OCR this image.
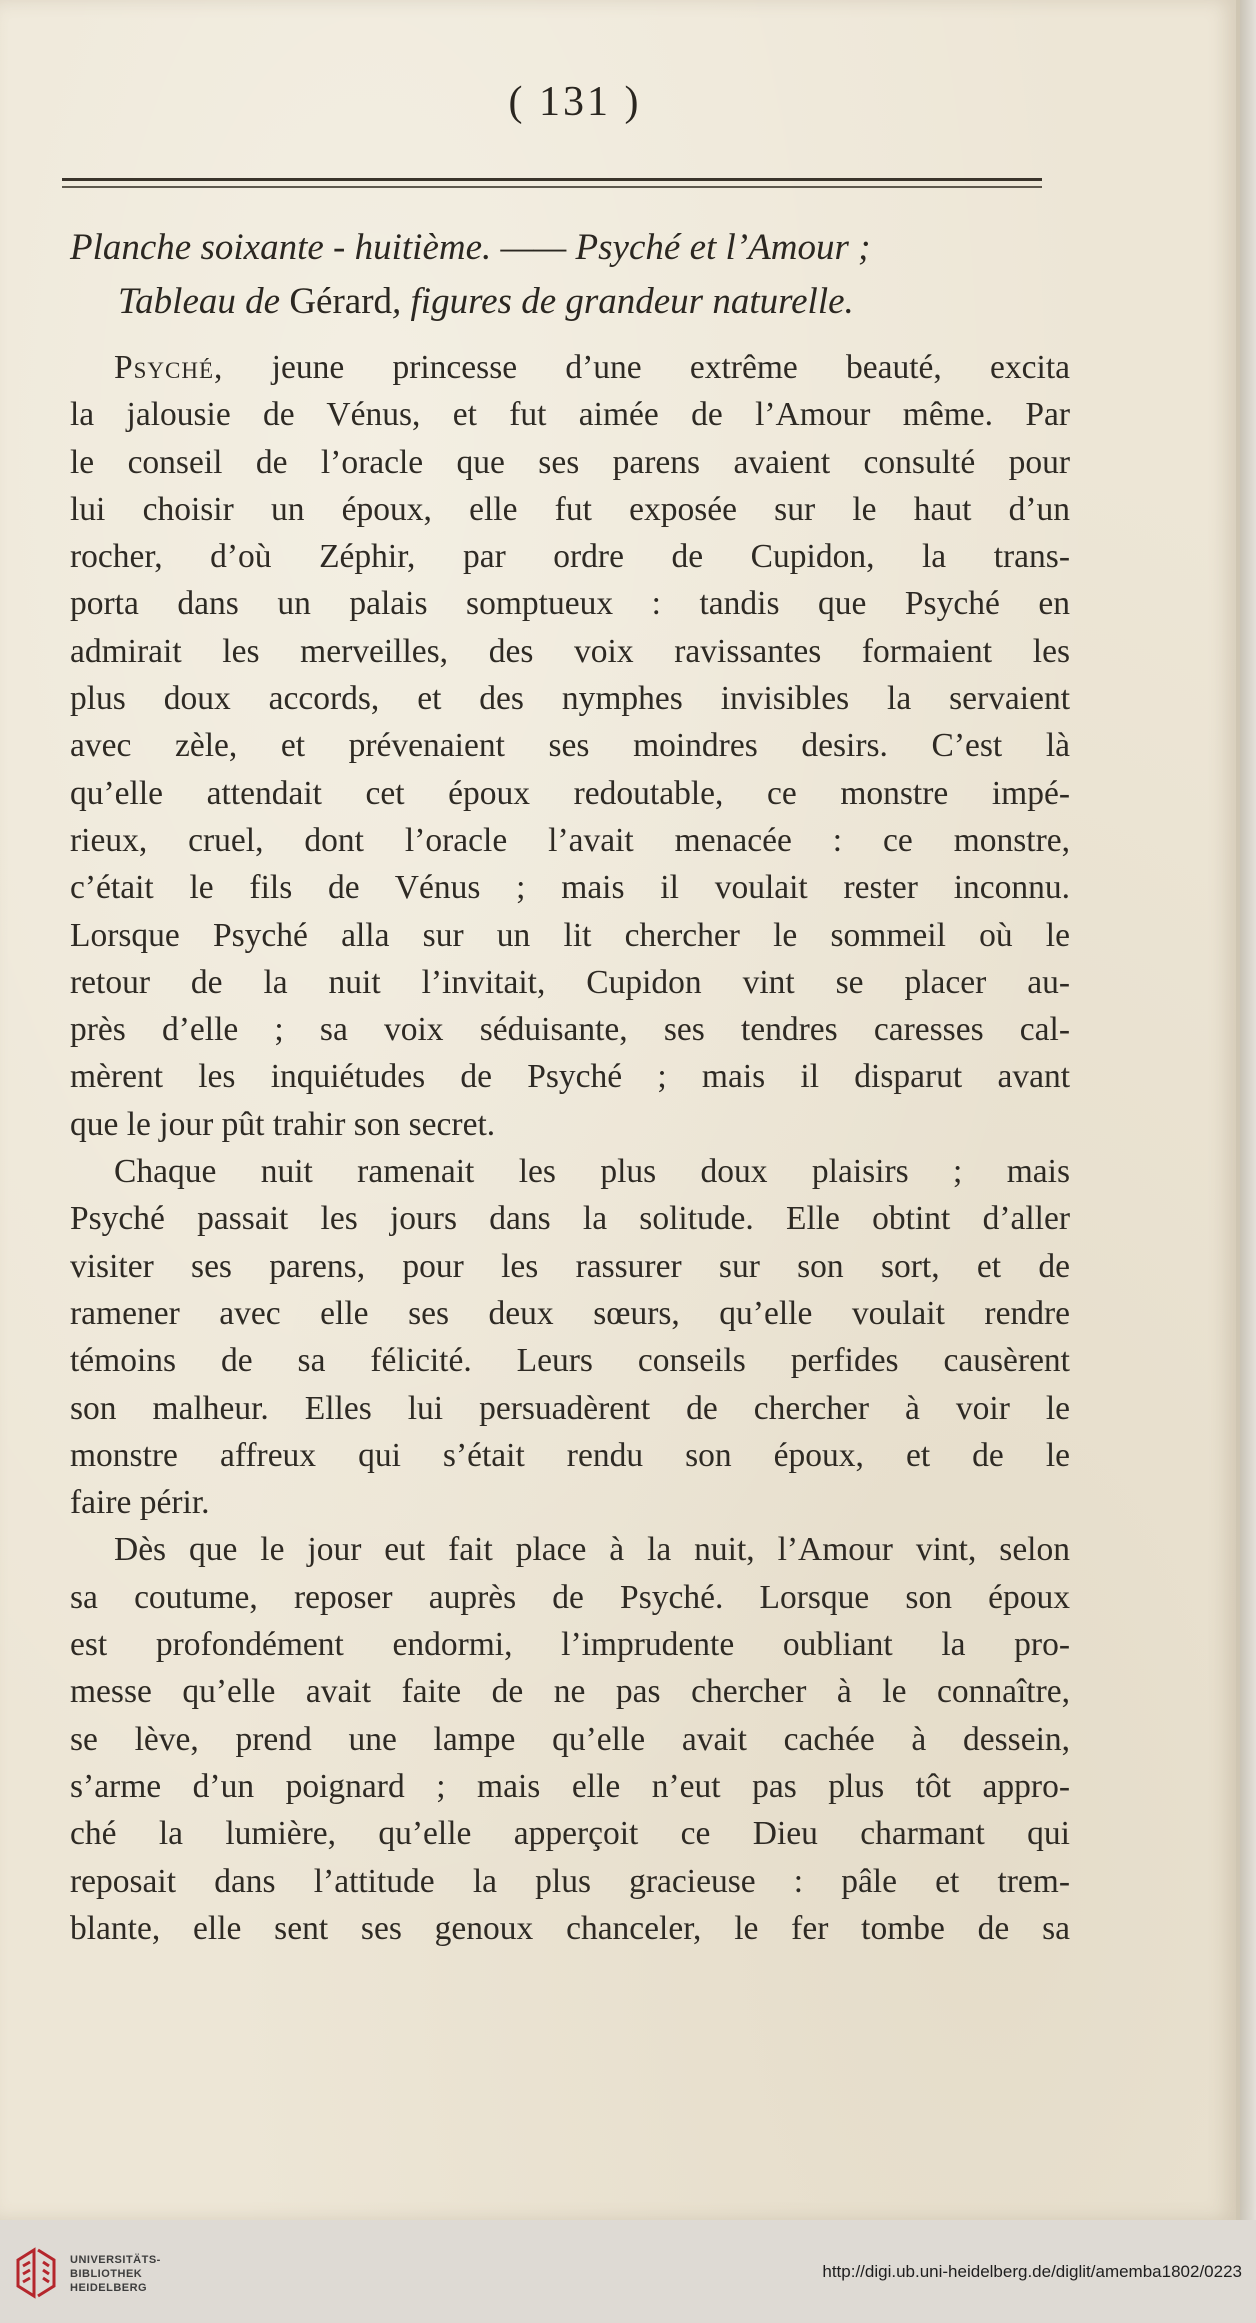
( 131 )
Planche soixante - huitième. —— Psyché et l’Amour ;
Tableau de Gérard, figures de grandeur naturelle.
Psyché, jeune princesse d’une extrême beauté, excita
la jalousie de Vénus, et fut aimée de l’Amour même. Par
le conseil de l’oracle que ses parens avaient consulté pour
lui choisir un époux, elle fut exposée sur le haut d’un
rocher, d’où Zéphir, par ordre de Cupidon, la trans-
porta dans un palais somptueux : tandis que Psyché en
admirait les merveilles, des voix ravissantes formaient les
plus doux accords, et des nymphes invisibles la servaient
avec zèle, et prévenaient ses moindres desirs. C’est là
qu’elle attendait cet époux redoutable, ce monstre impé-
rieux, cruel, dont l’oracle l’avait menacée : ce monstre,
c’était le fils de Vénus ; mais il voulait rester inconnu.
Lorsque Psyché alla sur un lit chercher le sommeil où le
retour de la nuit l’invitait, Cupidon vint se placer au-
près d’elle ; sa voix séduisante, ses tendres caresses cal-
mèrent les inquiétudes de Psyché ; mais il disparut avant
que le jour pût trahir son secret.
Chaque nuit ramenait les plus doux plaisirs ; mais
Psyché passait les jours dans la solitude. Elle obtint d’aller
visiter ses parens, pour les rassurer sur son sort, et de
ramener avec elle ses deux sœurs, qu’elle voulait rendre
témoins de sa félicité. Leurs conseils perfides causèrent
son malheur. Elles lui persuadèrent de chercher à voir le
monstre affreux qui s’était rendu son époux, et de le
faire périr.
Dès que le jour eut fait place à la nuit, l’Amour vint, selon
sa coutume, reposer auprès de Psyché. Lorsque son époux
est profondément endormi, l’imprudente oubliant la pro-
messe qu’elle avait faite de ne pas chercher à le connaître,
se lève, prend une lampe qu’elle avait cachée à dessein,
s’arme d’un poignard ; mais elle n’eut pas plus tôt appro-
ché la lumière, qu’elle apperçoit ce Dieu charmant qui
reposait dans l’attitude la plus gracieuse : pâle et trem-
blante, elle sent ses genoux chanceler, le fer tombe de sa
UNIVERSITÄTS-
BIBLIOTHEK
HEIDELBERG
http://digi.ub.uni-heidelberg.de/diglit/amemba1802/0223
